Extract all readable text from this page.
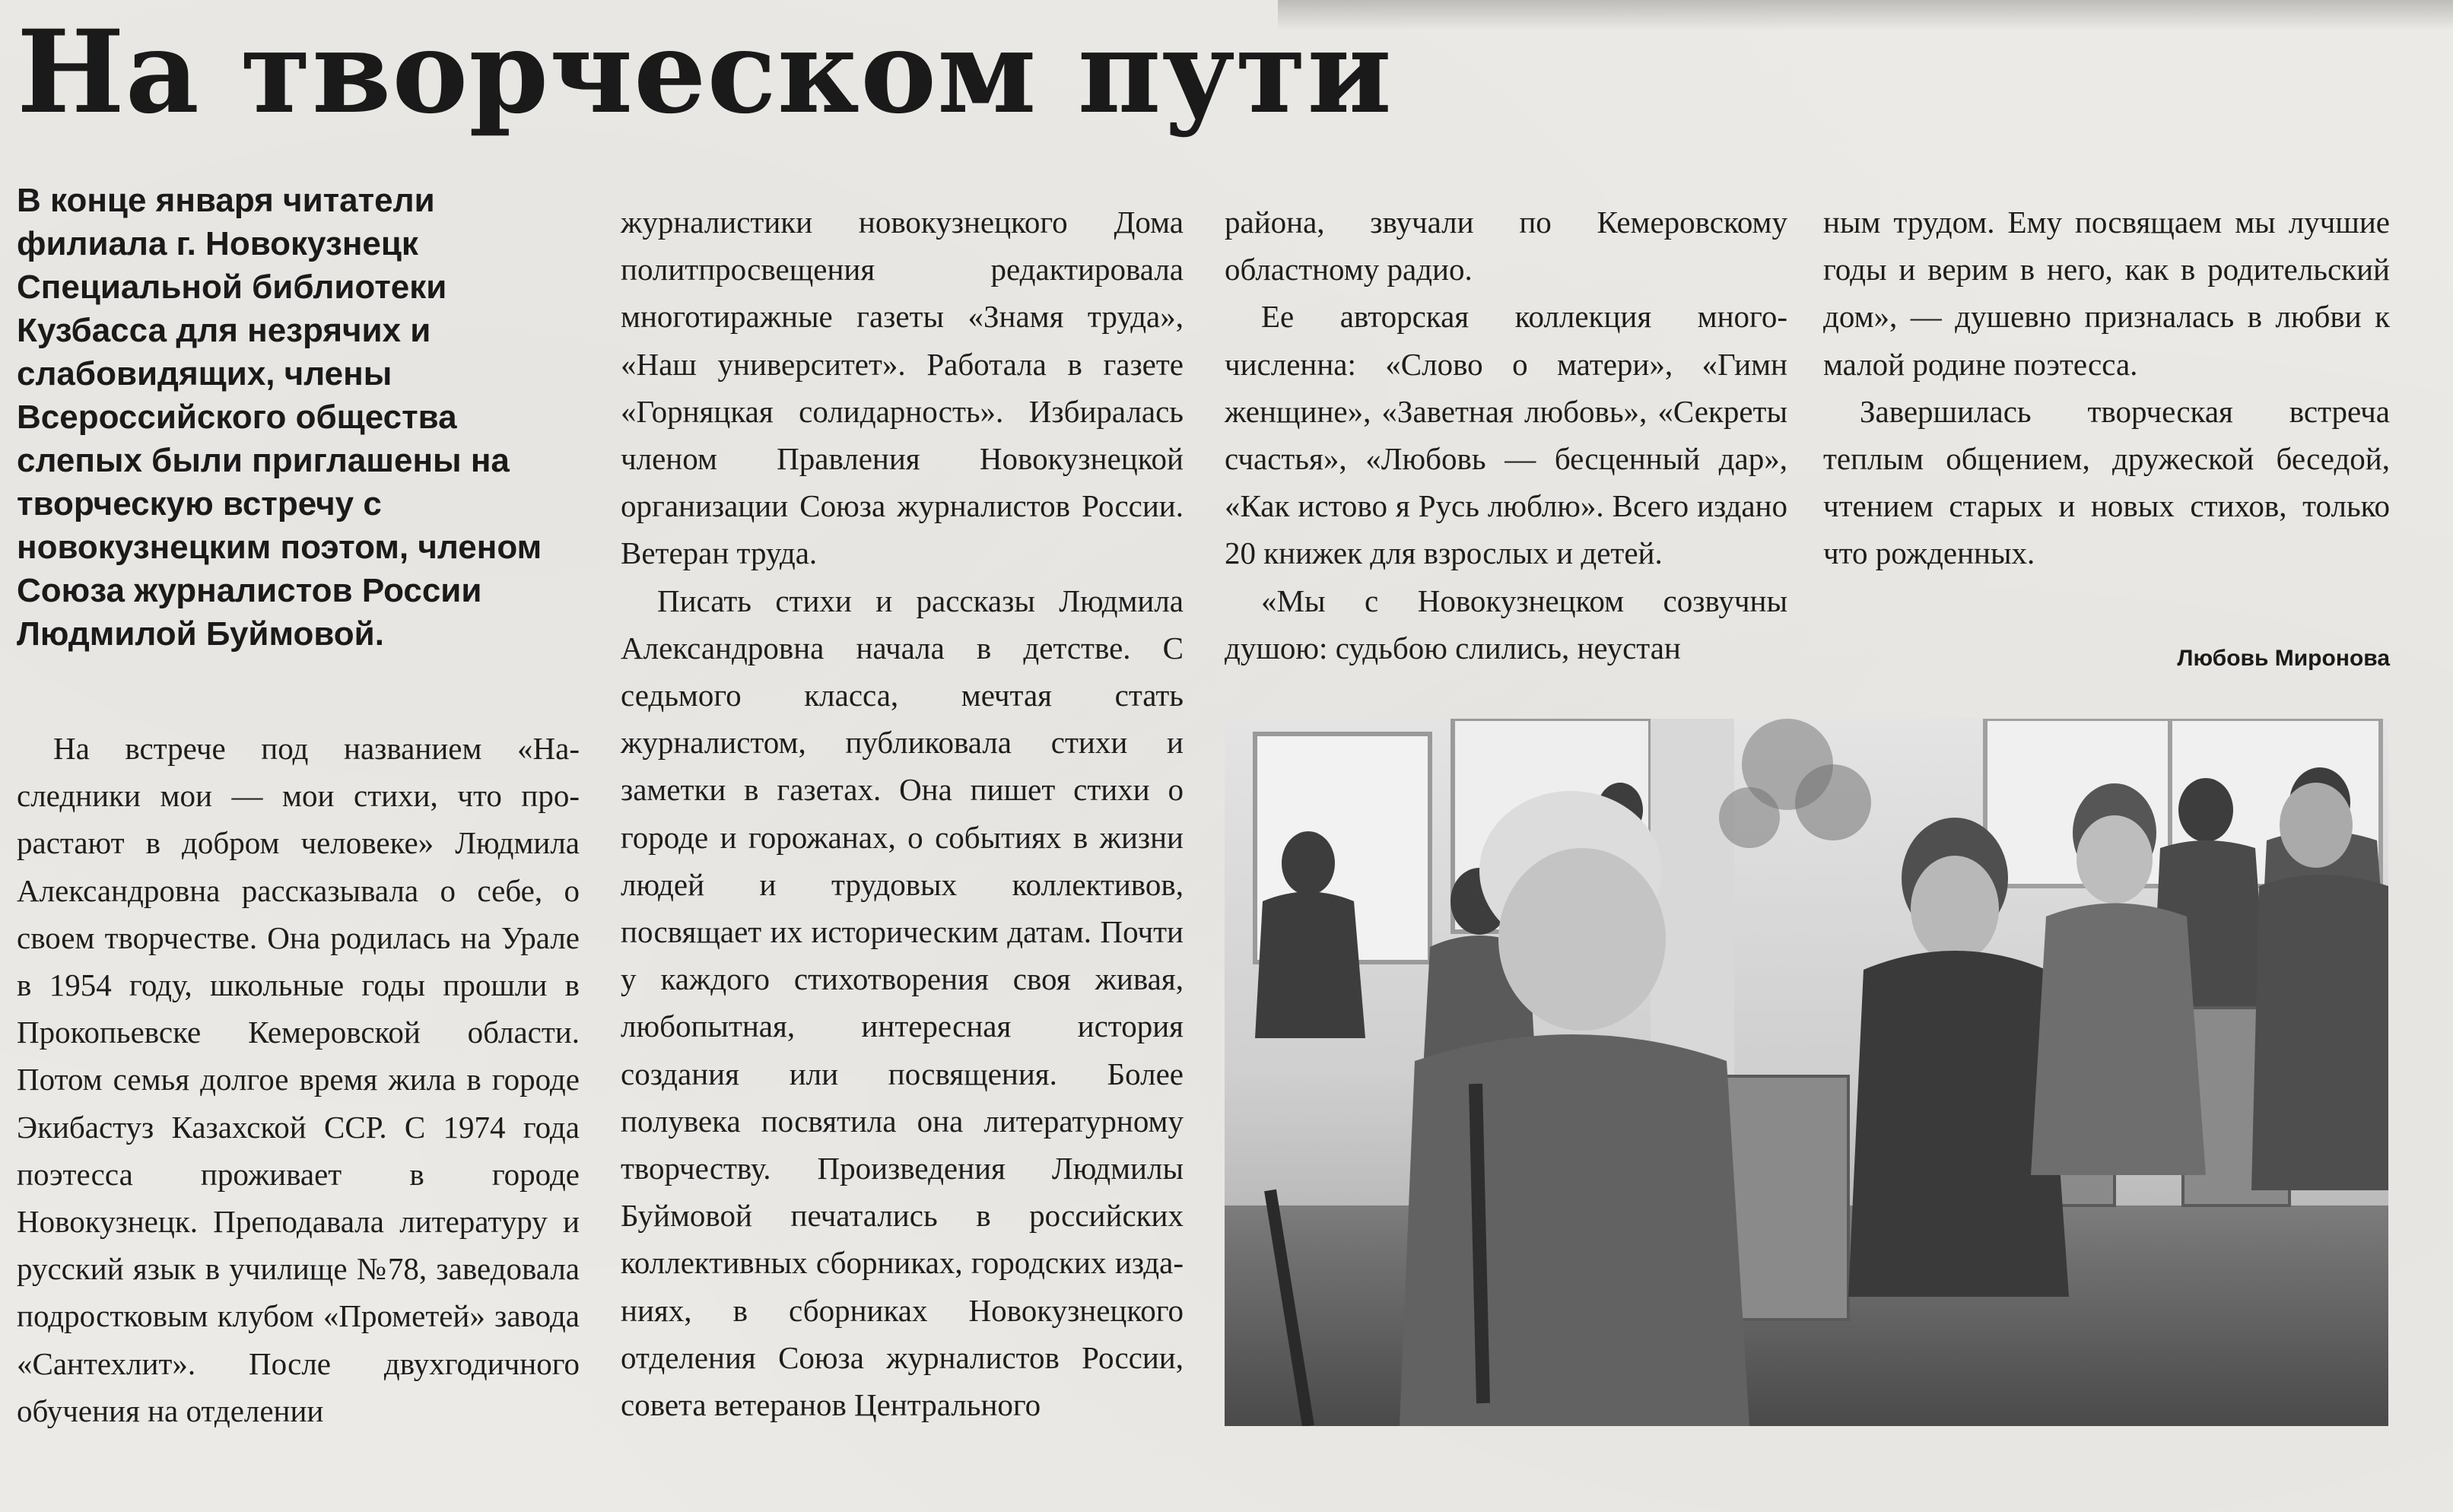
На творческом пути
В конце января читатели филиала г. Новокузнецк Специальной библиотеки Кузбасса для незрячих и слабовидящих, члены Всероссийского общества слепых были приглашены на творческую встречу с новокузнецким поэтом, членом Союза журналистов России Людмилой Буймовой.

На встрече под названием «Наследники мои — мои стихи, что прорастают в добром человеке» Людмила Александровна рассказывала о себе, о своем творчестве. Она родилась на Урале в 1954 году, школьные годы прошли в Прокопьевске Кемеровской области. Потом семья долгое время жила в городе Экибастуз Казахской ССР. С 1974 года поэтесса проживает в городе Новокузнецк. Преподавала литературу и русский язык в училище №78, заведовала подростковым клубом «Прометей» завода «Сантехлит». После двухгодичного обучения на отделении

журналистики новокузнецкого Дома политпросвещения редактировала многотиражные газеты «Знамя труда», «Наш университет». Работала в газете «Горняцкая солидарность». Избиралась членом Правления Новокузнецкой организации Союза журналистов России. Ветеран труда.

Писать стихи и рассказы Людмила Александровна начала в детстве. С седьмого класса, мечтая стать журналистом, публиковала стихи и заметки в газетах. Она пишет стихи о городе и горожанах, о событиях в жизни людей и трудовых коллективов, посвящает их историческим датам. Почти у каждого стихотворения своя живая, любопытная, интересная история создания или посвящения. Более полувека посвятила она литературному творчеству. Произведения Людмилы Буймовой печатались в российских коллективных сборниках, городских изданиях, в сборниках Новокузнецкого отделения Союза журналистов России, совета ветеранов Центрального

района, звучали по Кемеровскому областному радио.

Ее авторская коллекция многочисленна: «Слово о матери», «Гимн женщине», «Заветная любовь», «Секреты счастья», «Любовь — бесценный дар», «Как истово я Русь люблю». Всего издано 20 книжек для взрослых и детей.

«Мы с Новокузнецком созвучны душою: судьбою слились, неустан

ным трудом. Ему посвящаем мы лучшие годы и верим в него, как в родительский дом», — душевно призналась в любви к малой родине поэтесса.

Завершилась творческая встреча теплым общением, дружеской беседой, чтением старых и новых стихов, только что рожденных.

Любовь Миронова
